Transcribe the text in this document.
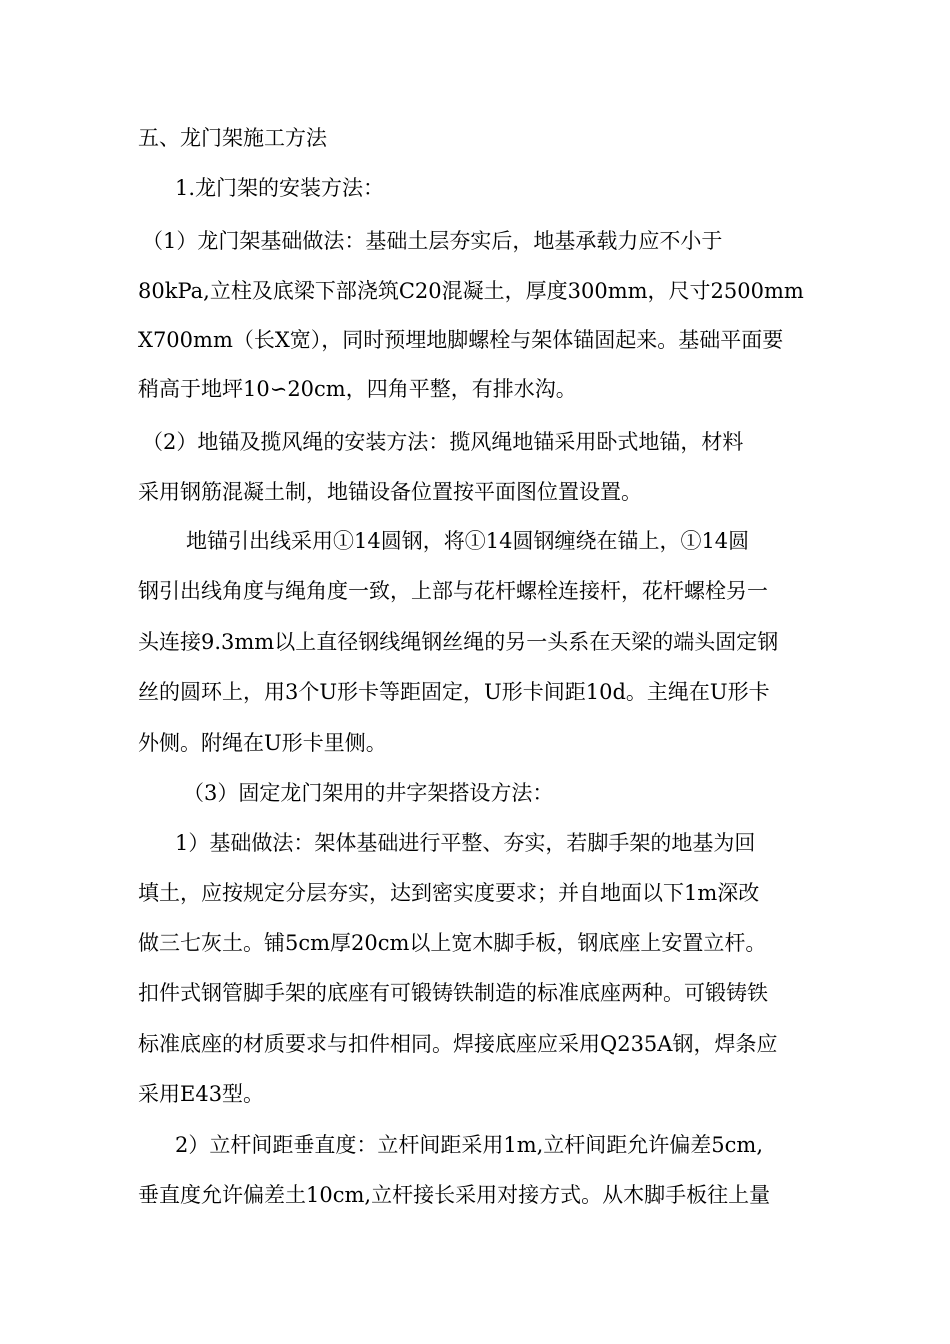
五、龙门架施工方法
1.龙门架的安装方法：
（1）龙门架基础做法：基础土层夯实后，地基承载力应不小于
80kPa,立柱及底梁下部浇筑C20混凝土，厚度300mm，尺寸2500mm
X700mm（长X宽），同时预埋地脚螺栓与架体锚固起来。基础平面要
稍高于地坪10∽20cm，四角平整，有排水沟。
（2）地锚及揽风绳的安装方法：揽风绳地锚采用卧式地锚，材料
采用钢筋混凝土制，地锚设备位置按平面图位置设置。
地锚引出线采用①14圆钢，将①14圆钢缠绕在锚上，①14圆
钢引出线角度与绳角度一致，上部与花杆螺栓连接杆，花杆螺栓另一
头连接9.3mm以上直径钢线绳钢丝绳的另一头系在天梁的端头固定钢
丝的圆环上，用3个U形卡等距固定，U形卡间距10d。主绳在U形卡
外侧。附绳在U形卡里侧。
（3）固定龙门架用的井字架搭设方法：
1）基础做法：架体基础进行平整、夯实，若脚手架的地基为回
填土，应按规定分层夯实，达到密实度要求；并自地面以下1m深改
做三七灰土。铺5cm厚20cm以上宽木脚手板，钢底座上安置立杆。
扣件式钢管脚手架的底座有可锻铸铁制造的标准底座两种。可锻铸铁
标准底座的材质要求与扣件相同。焊接底座应采用Q235A钢，焊条应
采用E43型。
2）立杆间距垂直度：立杆间距采用1m,立杆间距允许偏差5cm,
垂直度允许偏差土10cm,立杆接长采用对接方式。从木脚手板往上量
